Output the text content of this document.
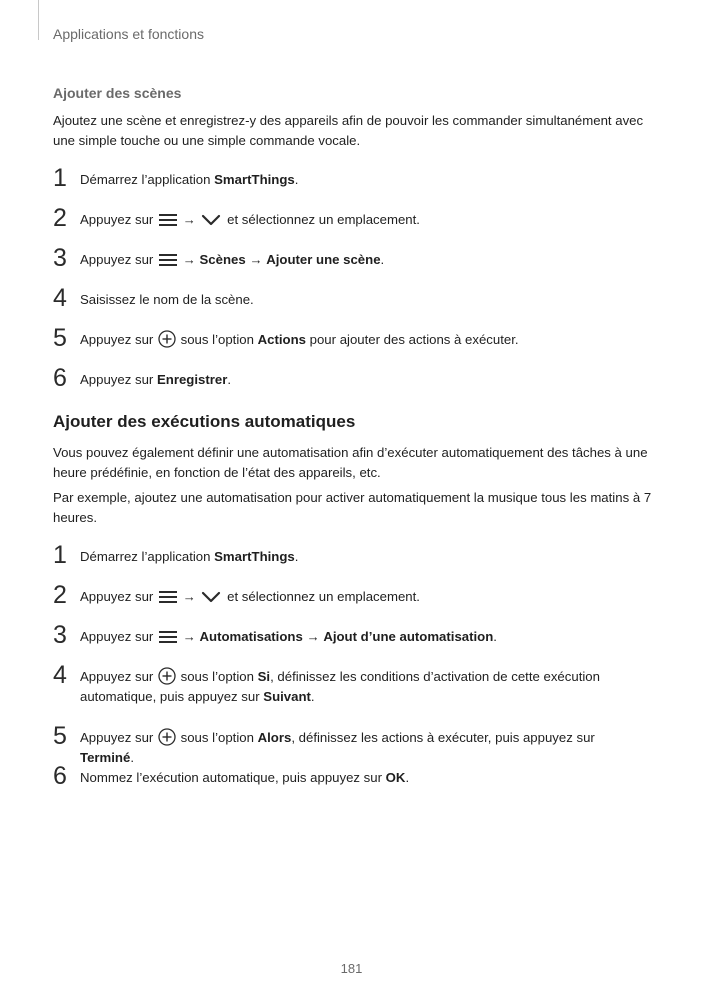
Applications et fonctions
Ajouter des scènes
Ajoutez une scène et enregistrez-y des appareils afin de pouvoir les commander simultanément avec une simple touche ou une simple commande vocale.
1 Démarrez l’application SmartThings.
2 Appuyez sur  →  et sélectionnez un emplacement.
3 Appuyez sur  → Scènes → Ajouter une scène.
4 Saisissez le nom de la scène.
5 Appuyez sur  sous l’option Actions pour ajouter des actions à exécuter.
6 Appuyez sur Enregistrer.
Ajouter des exécutions automatiques
Vous pouvez également définir une automatisation afin d’exécuter automatiquement des tâches à une heure prédéfinie, en fonction de l’état des appareils, etc.
Par exemple, ajoutez une automatisation pour activer automatiquement la musique tous les matins à 7 heures.
1 Démarrez l’application SmartThings.
2 Appuyez sur  →  et sélectionnez un emplacement.
3 Appuyez sur  → Automatisations → Ajout d’une automatisation.
4 Appuyez sur  sous l’option Si, définissez les conditions d’activation de cette exécution automatique, puis appuyez sur Suivant.
5 Appuyez sur  sous l’option Alors, définissez les actions à exécuter, puis appuyez sur Terminé.
6 Nommez l’exécution automatique, puis appuyez sur OK.
181
